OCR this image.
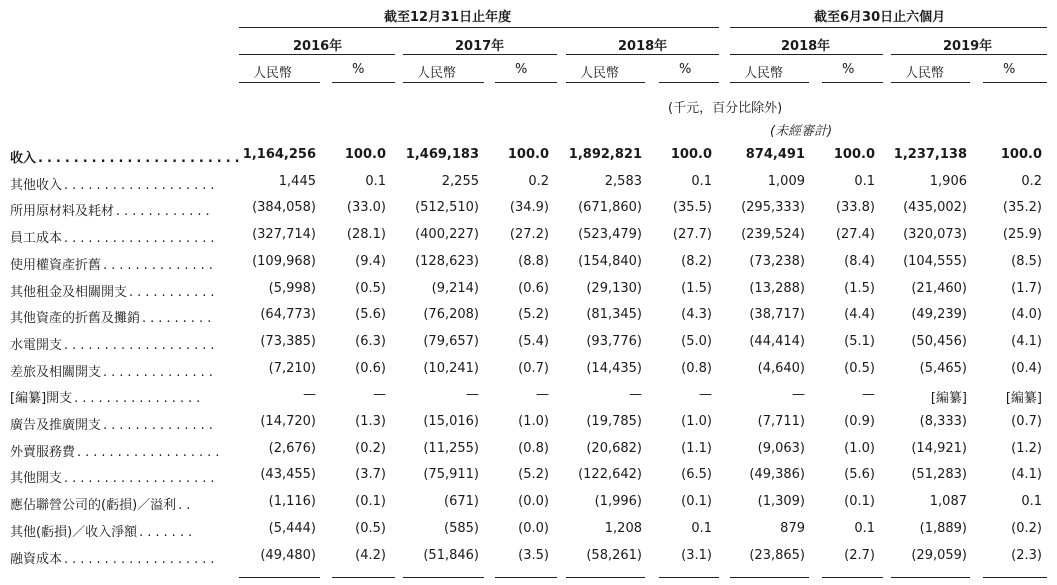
截至12月31日止年度	截至6月30日止六個月
2016年	2017年	2018年	2018年	2019年
人民幣	%	人民幣	%	人民幣	%	人民幣	%	人民幣	%
(千元，百分比除外)
(未經審計)
收入 ....................... 1,164,256	100.0	1,469,183	100.0	1,892,821	100.0	874,491	100.0	1,237,138	100.0
其他收入 ...................	1,445	0.1	2,255	0.2	2,583	0.1	1,009	0.1	1,906	0.2
所用原材料及耗材 ............	(384,058)	(33.0)	(512,510)	(34.9)	(671,860)	(35.5)	(295,333)	(33.8)	(435,002)	(35.2)
員工成本 ...................	(327,714)	(28.1)	(400,227)	(27.2)	(523,479)	(27.7)	(239,524)	(27.4)	(320,073)	(25.9)
使用權資產折舊 ..............	(109,968)	(9.4)	(128,623)	(8.8)	(154,840)	(8.2)	(73,238)	(8.4)	(104,555)	(8.5)
其他租金及相關開支 ...........	(5,998)	(0.5)	(9,214)	(0.6)	(29,130)	(1.5)	(13,288)	(1.5)	(21,460)	(1.7)
其他資產的折舊及攤銷 .........	(64,773)	(5.6)	(76,208)	(5.2)	(81,345)	(4.3)	(38,717)	(4.4)	(49,239)	(4.0)
水電開支 ...................	(73,385)	(6.3)	(79,657)	(5.4)	(93,776)	(5.0)	(44,414)	(5.1)	(50,456)	(4.1)
差旅及相關開支 ..............	(7,210)	(0.6)	(10,241)	(0.7)	(14,435)	(0.8)	(4,640)	(0.5)	(5,465)	(0.4)
[編纂]開支 ................	—	—	—	—	—	—	—	—	[編纂]	[編纂]
廣告及推廣開支 ..............	(14,720)	(1.3)	(15,016)	(1.0)	(19,785)	(1.0)	(7,711)	(0.9)	(8,333)	(0.7)
外賣服務費 ..................	(2,676)	(0.2)	(11,255)	(0.8)	(20,682)	(1.1)	(9,063)	(1.0)	(14,921)	(1.2)
其他開支 ...................	(43,455)	(3.7)	(75,911)	(5.2)	(122,642)	(6.5)	(49,386)	(5.6)	(51,283)	(4.1)
應佔聯營公司的(虧損)／溢利 ..	(1,116)	(0.1)	(671)	(0.0)	(1,996)	(0.1)	(1,309)	(0.1)	1,087	0.1
其他(虧損)／收入淨額 .......	(5,444)	(0.5)	(585)	(0.0)	1,208	0.1	879	0.1	(1,889)	(0.2)
融資成本 ...................	(49,480)	(4.2)	(51,846)	(3.5)	(58,261)	(3.1)	(23,865)	(2.7)	(29,059)	(2.3)
